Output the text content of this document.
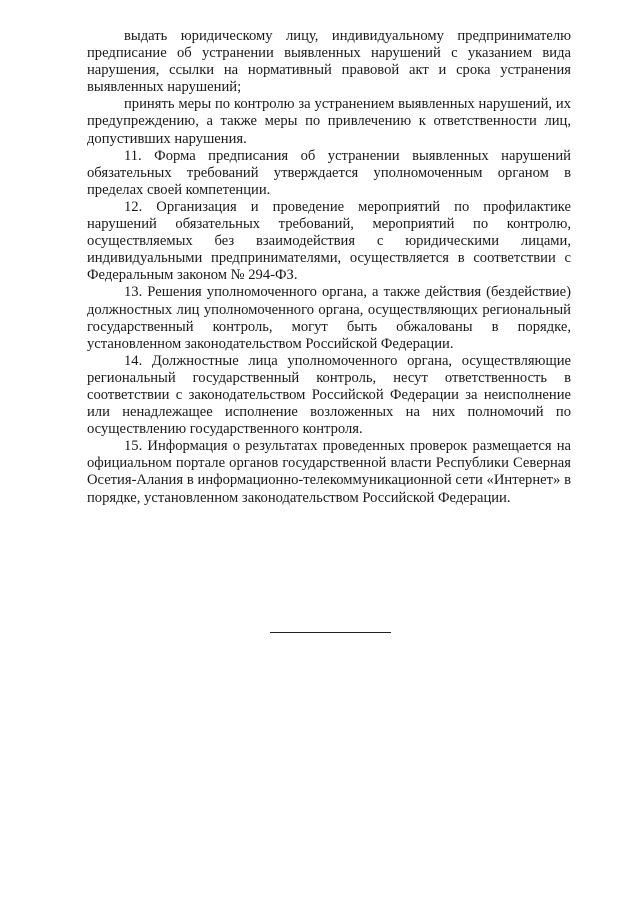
выдать юридическому лицу, индивидуальному предпринимателю предписание об устранении выявленных нарушений с указанием вида нарушения, ссылки на нормативный правовой акт и срока устранения выявленных нарушений;

принять меры по контролю за устранением выявленных нарушений, их предупреждению, а также меры по привлечению к ответственности лиц, допустивших нарушения.

11. Форма предписания об устранении выявленных нарушений обязательных требований утверждается уполномоченным органом в пределах своей компетенции.

12. Организация и проведение мероприятий по профилактике нарушений обязательных требований, мероприятий по контролю, осуществляемых без взаимодействия с юридическими лицами, индивидуальными предпринимателями, осуществляется в соответствии с Федеральным законом № 294-ФЗ.

13. Решения уполномоченного органа, а также действия (бездействие) должностных лиц уполномоченного органа, осуществляющих региональный государственный контроль, могут быть обжалованы в порядке, установленном законодательством Российской Федерации.

14. Должностные лица уполномоченного органа, осуществляющие региональный государственный контроль, несут ответственность в соответствии с законодательством Российской Федерации за неисполнение или ненадлежащее исполнение возложенных на них полномочий по осуществлению государственного контроля.

15. Информация о результатах проведенных проверок размещается на официальном портале органов государственной власти Республики Северная Осетия-Алания в информационно-телекоммуникационной сети «Интернет» в порядке, установленном законодательством Российской Федерации.
